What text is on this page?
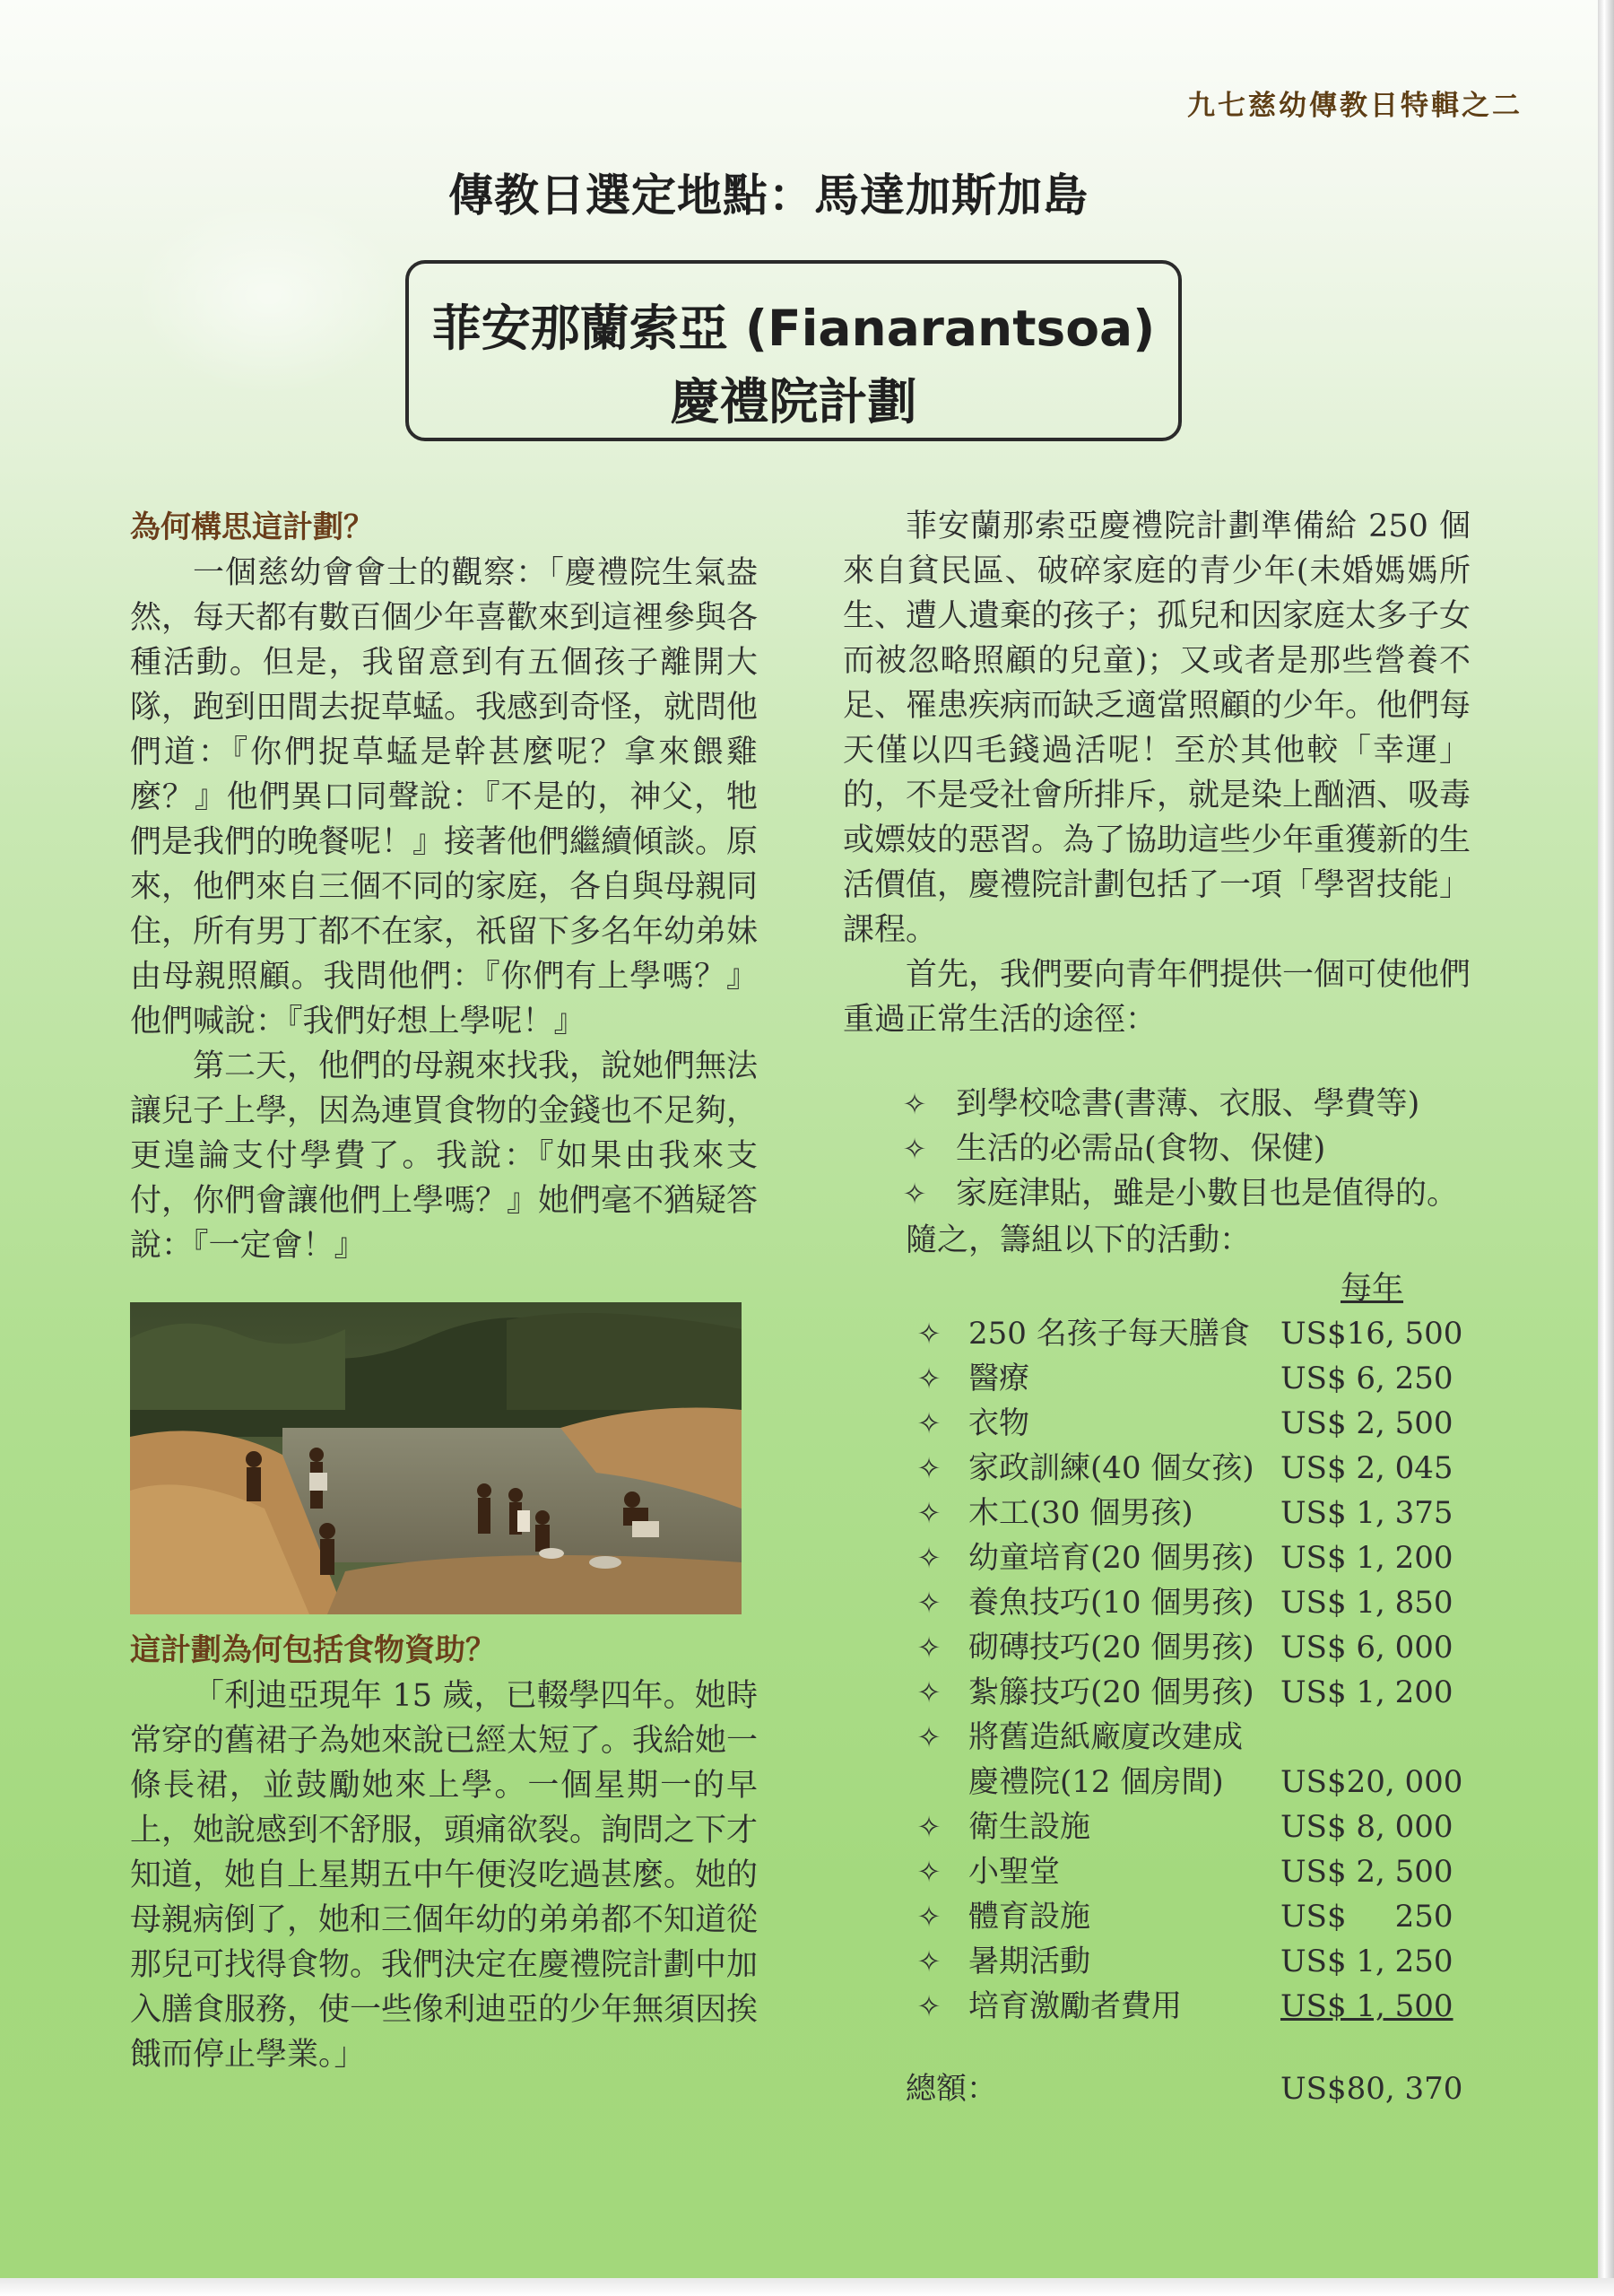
九七慈幼傳教日特輯之二
傳教日選定地點：馬達加斯加島
菲安那蘭索亞 (Fianarantsoa)
慶禮院計劃
為何構思這計劃？
一個慈幼會會士的觀察：「慶禮院生氣盎然，每天都有數百個少年喜歡來到這裡參與各種活動。但是，我留意到有五個孩子離開大隊，跑到田間去捉草蜢。我感到奇怪，就問他們道：『你們捉草蜢是幹甚麼呢？拿來餵雞麼？』他們異口同聲說：『不是的，神父，牠們是我們的晚餐呢！』接著他們繼續傾談。原來，他們來自三個不同的家庭，各自與母親同住，所有男丁都不在家，祇留下多名年幼弟妹由母親照顧。我問他們：『你們有上學嗎？』他們喊說：『我們好想上學呢！』
第二天，他們的母親來找我，說她們無法讓兒子上學，因為連買食物的金錢也不足夠，更遑論支付學費了。我說：『如果由我來支付，你們會讓他們上學嗎？』她們毫不猶疑答說：『一定會！』
這計劃為何包括食物資助？
「利迪亞現年 15 歲，已輟學四年。她時常穿的舊裙子為她來說已經太短了。我給她一條長裙，並鼓勵她來上學。一個星期一的早上，她說感到不舒服，頭痛欲裂。詢問之下才知道，她自上星期五中午便沒吃過甚麼。她的母親病倒了，她和三個年幼的弟弟都不知道從那兒可找得食物。我們決定在慶禮院計劃中加入膳食服務，使一些像利迪亞的少年無須因挨餓而停止學業。」
菲安蘭那索亞慶禮院計劃準備給 250 個來自貧民區、破碎家庭的青少年(未婚媽媽所生、遭人遺棄的孩子；孤兒和因家庭太多子女而被忽略照顧的兒童)；又或者是那些營養不足、罹患疾病而缺乏適當照顧的少年。他們每天僅以四毛錢過活呢！至於其他較「幸運」的，不是受社會所排斥，就是染上酗酒、吸毒或嫖妓的惡習。為了協助這些少年重獲新的生活價值，慶禮院計劃包括了一項「學習技能」課程。
首先，我們要向青年們提供一個可使他們重過正常生活的途徑：
✧ 到學校唸書(書薄、衣服、學費等)
✧ 生活的必需品(食物、保健)
✧ 家庭津貼，雖是小數目也是值得的。
隨之，籌組以下的活動：
每年
✧ 250 名孩子每天膳食 US$16, 500
✧ 醫療	US$ 6, 250
✧ 衣物	US$ 2, 500
✧ 家政訓練(40 個女孩) US$ 2, 045
✧ 木工(30 個男孩)	US$ 1, 375
✧ 幼童培育(20 個男孩) US$ 1, 200
✧ 養魚技巧(10 個男孩) US$ 1, 850
✧ 砌磚技巧(20 個男孩) US$ 6, 000
✧ 紮籐技巧(20 個男孩) US$ 1, 200
✧ 將舊造紙廠廈改建成
慶禮院(12 個房間) US$20, 000
✧ 衛生設施	US$ 8, 000
✧ 小聖堂	US$ 2, 500
✧ 體育設施	US$     250
✧ 暑期活動	US$ 1, 250
✧ 培育激勵者費用	US$ 1, 500
總額：	US$80, 370
